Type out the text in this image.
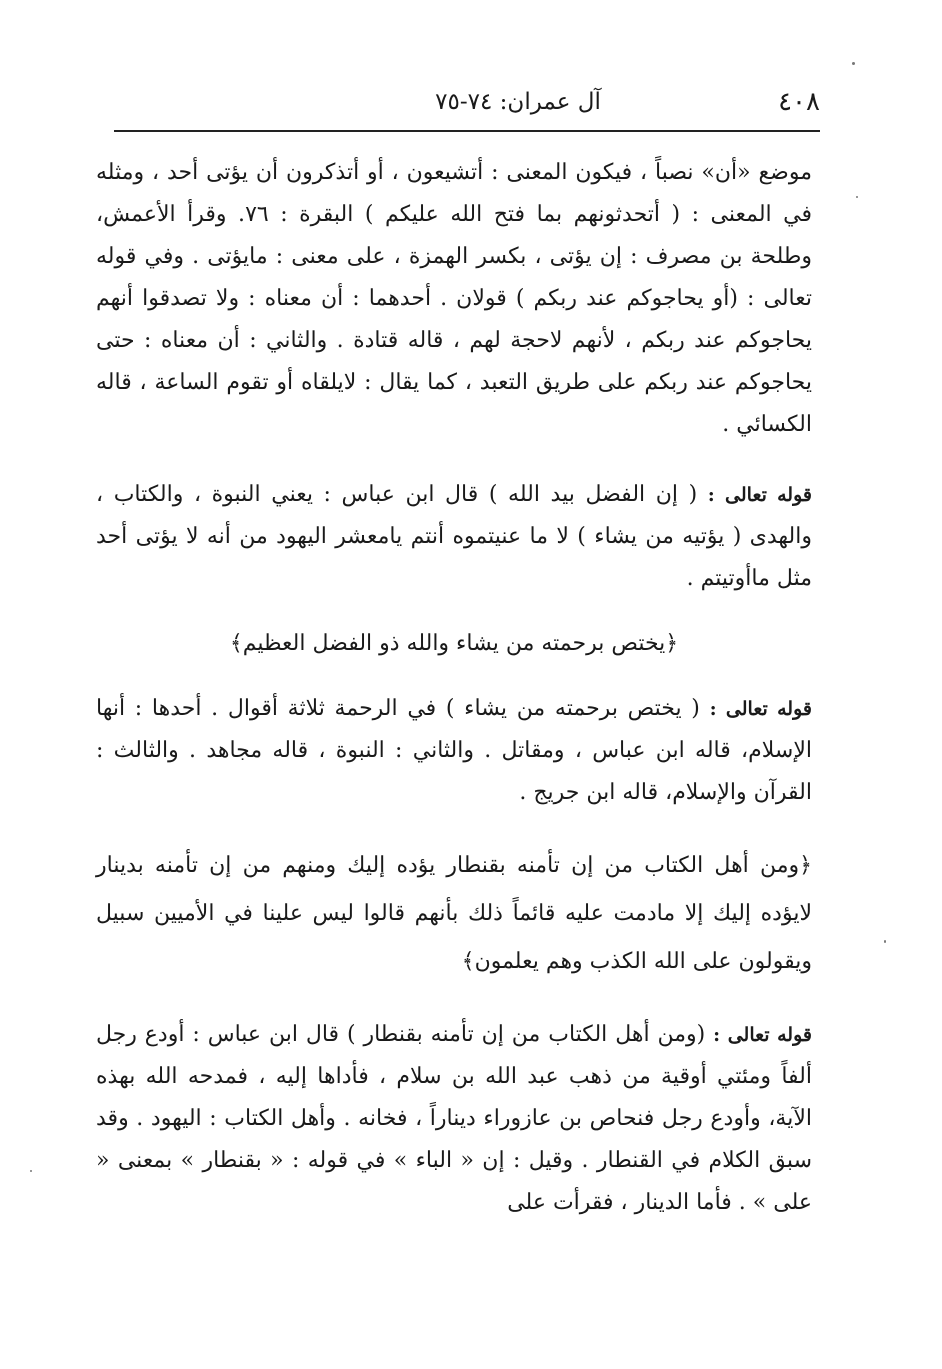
٤٠٨
آل عمران: ٧٤-٧٥

موضع «أن» نصباً ، فيكون المعنى : أتشيعون ، أو أتذكرون أن يؤتى أحد ، ومثله في المعنى : ( أتحدثونهم بما فتح الله عليكم ) البقرة : ٧٦. وقرأ الأعمش، وطلحة بن مصرف : إن يؤتى ، بكسر الهمزة ، على معنى : مايؤتى . وفي قوله تعالى : (أو يحاجوكم عند ربكم ) قولان . أحدهما : أن معناه : ولا تصدقوا أنهم يحاجوكم عند ربكم ، لأنهم لاحجة لهم ، قاله قتادة . والثاني : أن معناه : حتى يحاجوكم عند ربكم على طريق التعبد ، كما يقال : لايلقاه أو تقوم الساعة ، قاله الكسائي .

قوله تعالى : ( إن الفضل بيد الله ) قال ابن عباس : يعني النبوة ، والكتاب ، والهدى ( يؤتيه من يشاء ) لا ما عنيتموه أنتم يامعشر اليهود من أنه لا يؤتى أحد مثل ماأوتيتم .

﴿يختص برحمته من يشاء والله ذو الفضل العظيم﴾

قوله تعالى : ( يختص برحمته من يشاء ) في الرحمة ثلاثة أقوال . أحدها : أنها الإسلام، قاله ابن عباس ، ومقاتل . والثاني : النبوة ، قاله مجاهد . والثالث : القرآن والإسلام، قاله ابن جريج .

﴿ومن أهل الكتاب من إن تأمنه بقنطار يؤده إليك ومنهم من إن تأمنه بدينار لايؤده إليك إلا مادمت عليه قائماً ذلك بأنهم قالوا ليس علينا في الأميين سبيل ويقولون على الله الكذب وهم يعلمون﴾

قوله تعالى : (ومن أهل الكتاب من إن تأمنه بقنطار ) قال ابن عباس : أودع رجل ألفاً ومئتي أوقية من ذهب عبد الله بن سلام ، فأداها إليه ، فمدحه الله بهذه الآية، وأودع رجل فنحاص بن عازوراء ديناراً ، فخانه . وأهل الكتاب : اليهود . وقد سبق الكلام في القنطار . وقيل : إن « الباء » في قوله : « بقنطار » بمعنى « على » . فأما الدينار ، فقرأت على
